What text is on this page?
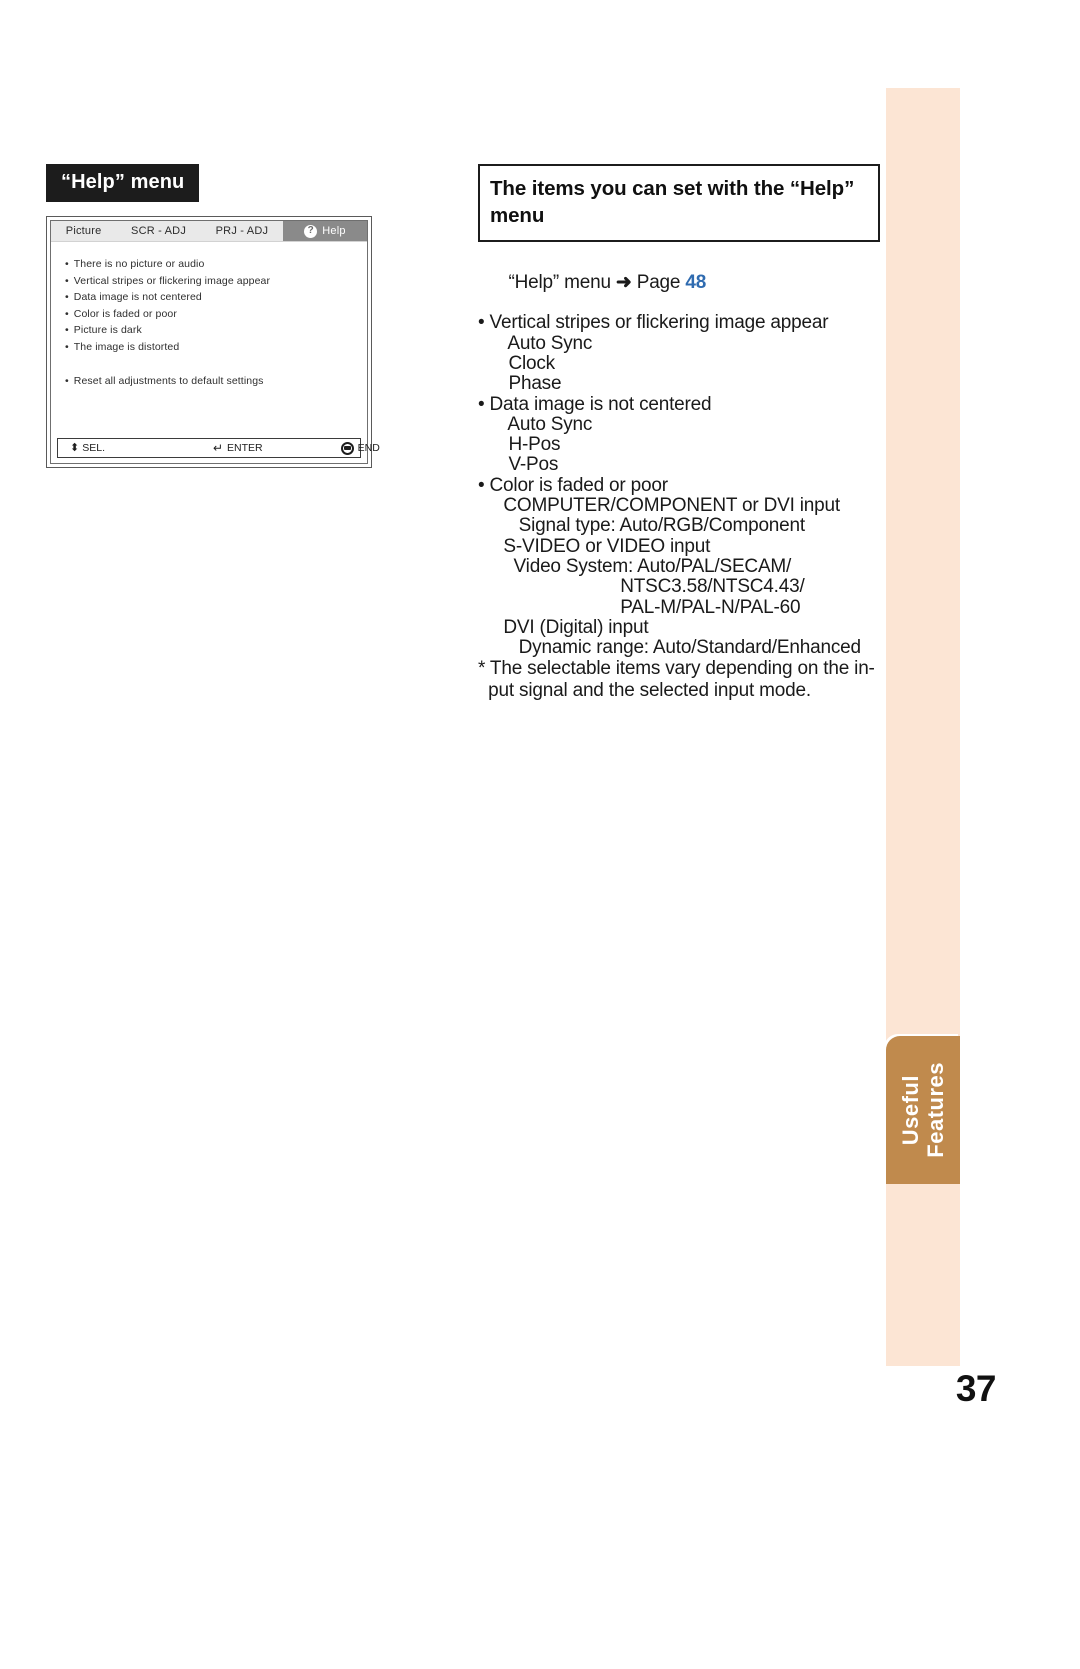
Useful Features
37
“Help” menu
Picture	SCR - ADJ	PRJ - ADJ	? Help
• There is no picture or audio
• Vertical stripes or flickering image appear
• Data image is not centered
• Color is faded or poor
• Picture is dark
• The image is distorted
• Reset all adjustments to default settings
⬍ SEL.	↵ ENTER	END
The items you can set with the “Help” menu

“Help” menu ➜ Page 48

• Vertical stripes or flickering image appear
Auto Sync
Clock
Phase
• Data image is not centered
Auto Sync
H-Pos
V-Pos
• Color is faded or poor
COMPUTER/COMPONENT or DVI input
Signal type: Auto/RGB/Component
S-VIDEO or VIDEO input
Video System: Auto/PAL/SECAM/
NTSC3.58/NTSC4.43/
PAL-M/PAL-N/PAL-60
DVI (Digital) input
Dynamic range: Auto/Standard/Enhanced
* The selectable items vary depending on the in-
put signal and the selected input mode.
